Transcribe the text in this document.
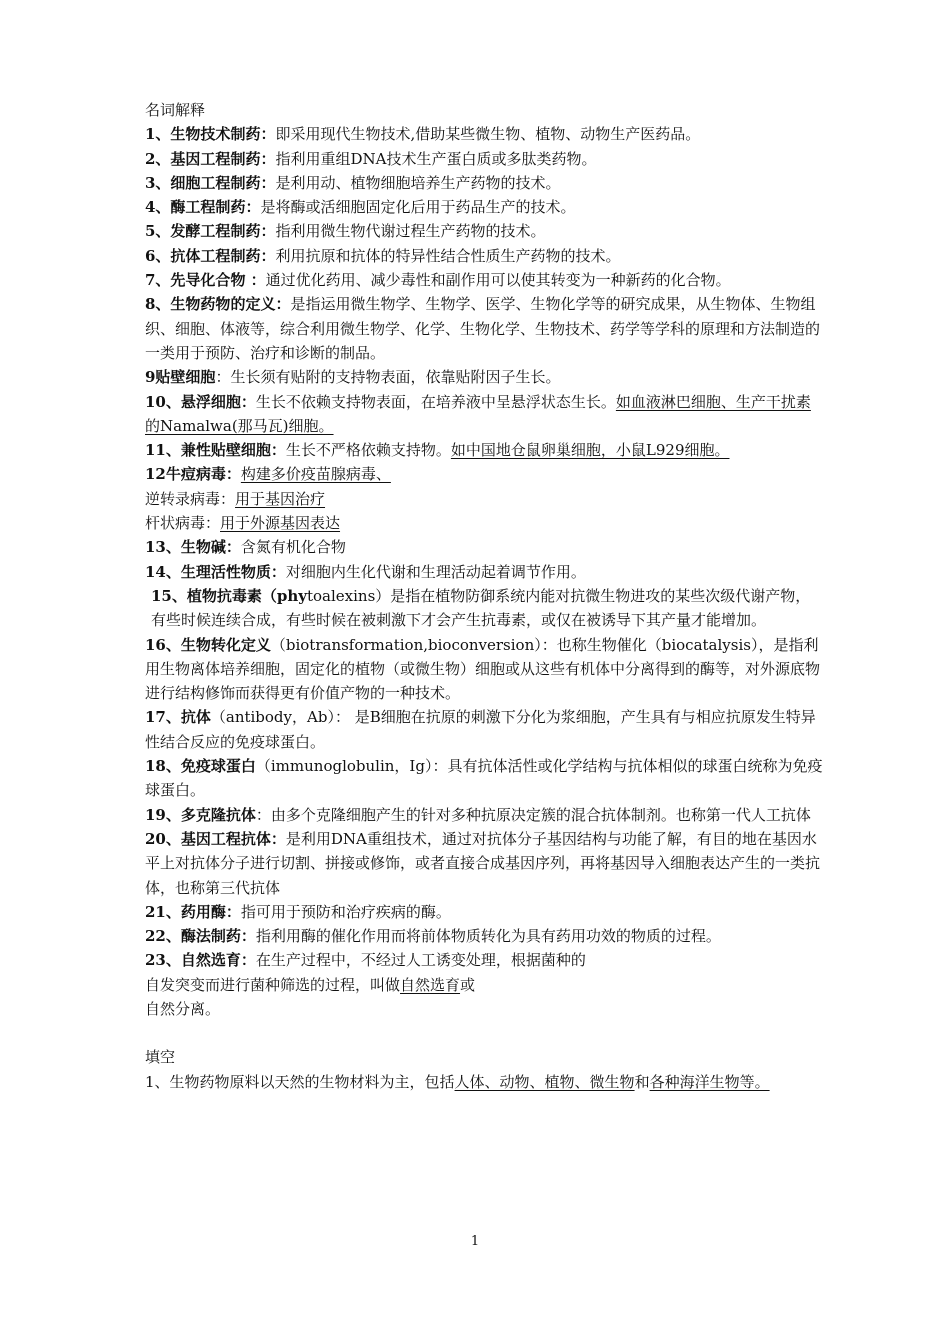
名词解释

1、生物技术制药：即采用现代生物技术,借助某些微生物、植物、动物生产医药品。

2、基因工程制药：指利用重组DNA技术生产蛋白质或多肽类药物。

3、细胞工程制药：是利用动、植物细胞培养生产药物的技术。

4、酶工程制药：是将酶或活细胞固定化后用于药品生产的技术。

5、发酵工程制药：指利用微生物代谢过程生产药物的技术。

6、抗体工程制药：利用抗原和抗体的特异性结合性质生产药物的技术。

7、先导化合物 ：通过优化药用、减少毒性和副作用可以使其转变为一种新药的化合物。

8、生物药物的定义：是指运用微生物学、生物学、医学、生物化学等的研究成果，从生物体、生物组织、细胞、体液等，综合利用微生物学、化学、生物化学、生物技术、药学等学科的原理和方法制造的一类用于预防、治疗和诊断的制品。

9贴壁细胞：生长须有贴附的支持物表面，依靠贴附因子生长。

10、悬浮细胞：生长不依赖支持物表面，在培养液中呈悬浮状态生长。如血液淋巴细胞、生产干扰素的Namalwa(那马瓦)细胞。

11、兼性贴壁细胞：生长不严格依赖支持物。如中国地仓鼠卵巢细胞，小鼠L929细胞。

12牛痘病毒：构建多价疫苗腺病毒、

逆转录病毒：用于基因治疗

杆状病毒：用于外源基因表达

13、生物碱：含氮有机化合物

14、生理活性物质：对细胞内生化代谢和生理活动起着调节作用。

15、植物抗毒素（phytoalexins）是指在植物防御系统内能对抗微生物进攻的某些次级代谢产物，有些时候连续合成，有些时候在被刺激下才会产生抗毒素，或仅在被诱导下其产量才能增加。

16、生物转化定义（biotransformation,bioconversion）：也称生物催化（biocatalysis），是指利用生物离体培养细胞，固定化的植物（或微生物）细胞或从这些有机体中分离得到的酶等，对外源底物进行结构修饰而获得更有价值产物的一种技术。

17、抗体（antibody，Ab）： 是B细胞在抗原的刺激下分化为浆细胞，产生具有与相应抗原发生特异性结合反应的免疫球蛋白。

18、免疫球蛋白（immunoglobulin，Ig）：具有抗体活性或化学结构与抗体相似的球蛋白统称为免疫球蛋白。

19、多克隆抗体：由多个克隆细胞产生的针对多种抗原决定簇的混合抗体制剂。也称第一代人工抗体

20、基因工程抗体：是利用DNA重组技术，通过对抗体分子基因结构与功能了解，有目的地在基因水平上对抗体分子进行切割、拼接或修饰，或者直接合成基因序列，再将基因导入细胞表达产生的一类抗体，也称第三代抗体

21、药用酶：指可用于预防和治疗疾病的酶。

22、酶法制药：指利用酶的催化作用而将前体物质转化为具有药用功效的物质的过程。

23、自然选育：在生产过程中，不经过人工诱变处理，根据菌种的

自发突变而进行菌种筛选的过程，叫做自然选育或

自然分离。

填空

1、生物药物原料以天然的生物材料为主，包括人体、动物、植物、微生物和各种海洋生物等。

1
